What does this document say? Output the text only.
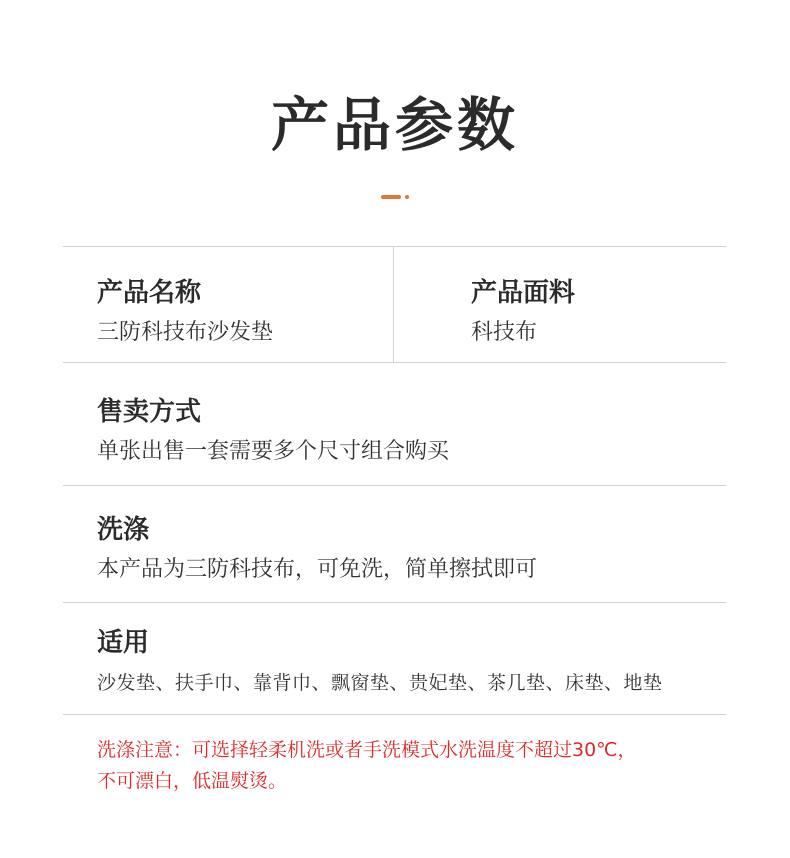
产品参数
产品名称
三防科技布沙发垫
产品面料
科技布
售卖方式
单张出售一套需要多个尺寸组合购买
洗涤
本产品为三防科技布，可免洗，简单擦拭即可
适用
沙发垫、扶手巾、靠背巾、飘窗垫、贵妃垫、茶几垫、床垫、地垫

洗涤注意：可选择轻柔机洗或者手洗模式水洗温度不超过30℃，

不可漂白，低温熨烫。
